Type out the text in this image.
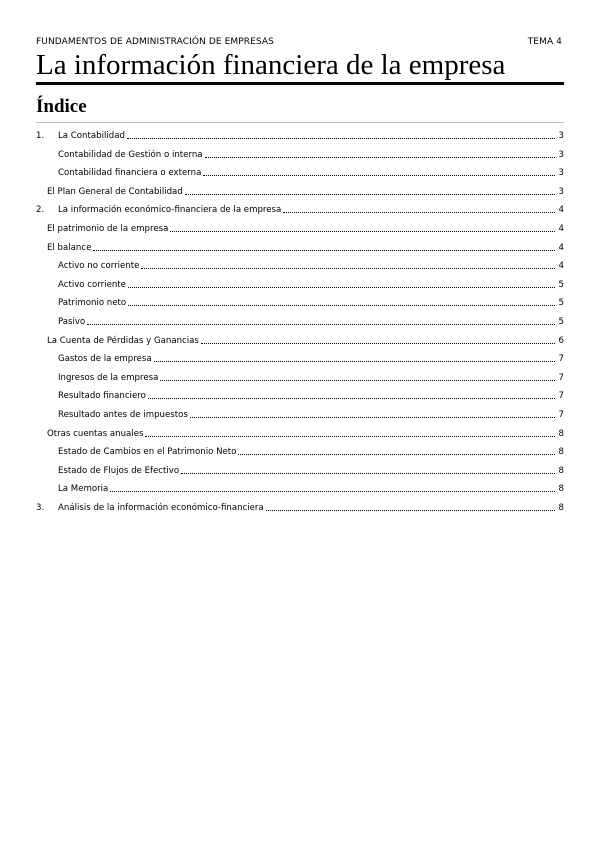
FUNDAMENTOS DE ADMINISTRACIÓN DE EMPRESAS	TEMA 4
La información financiera de la empresa
Índice
1.	La Contabilidad	3
Contabilidad de Gestión o interna	3
Contabilidad financiera o externa	3
El Plan General de Contabilidad	3
2.	La información económico-financiera de la empresa	4
El patrimonio de la empresa	4
El balance	4
Activo no corriente	4
Activo corriente	5
Patrimonio neto	5
Pasivo	5
La Cuenta de Pérdidas y Ganancias	6
Gastos de la empresa	7
Ingresos de la empresa	7
Resultado financiero	7
Resultado antes de impuestos	7
Otras cuentas anuales	8
Estado de Cambios en el Patrimonio Neto	8
Estado de Flujos de Efectivo	8
La Memoria	8
3.	Análisis de la información económico-financiera	8
